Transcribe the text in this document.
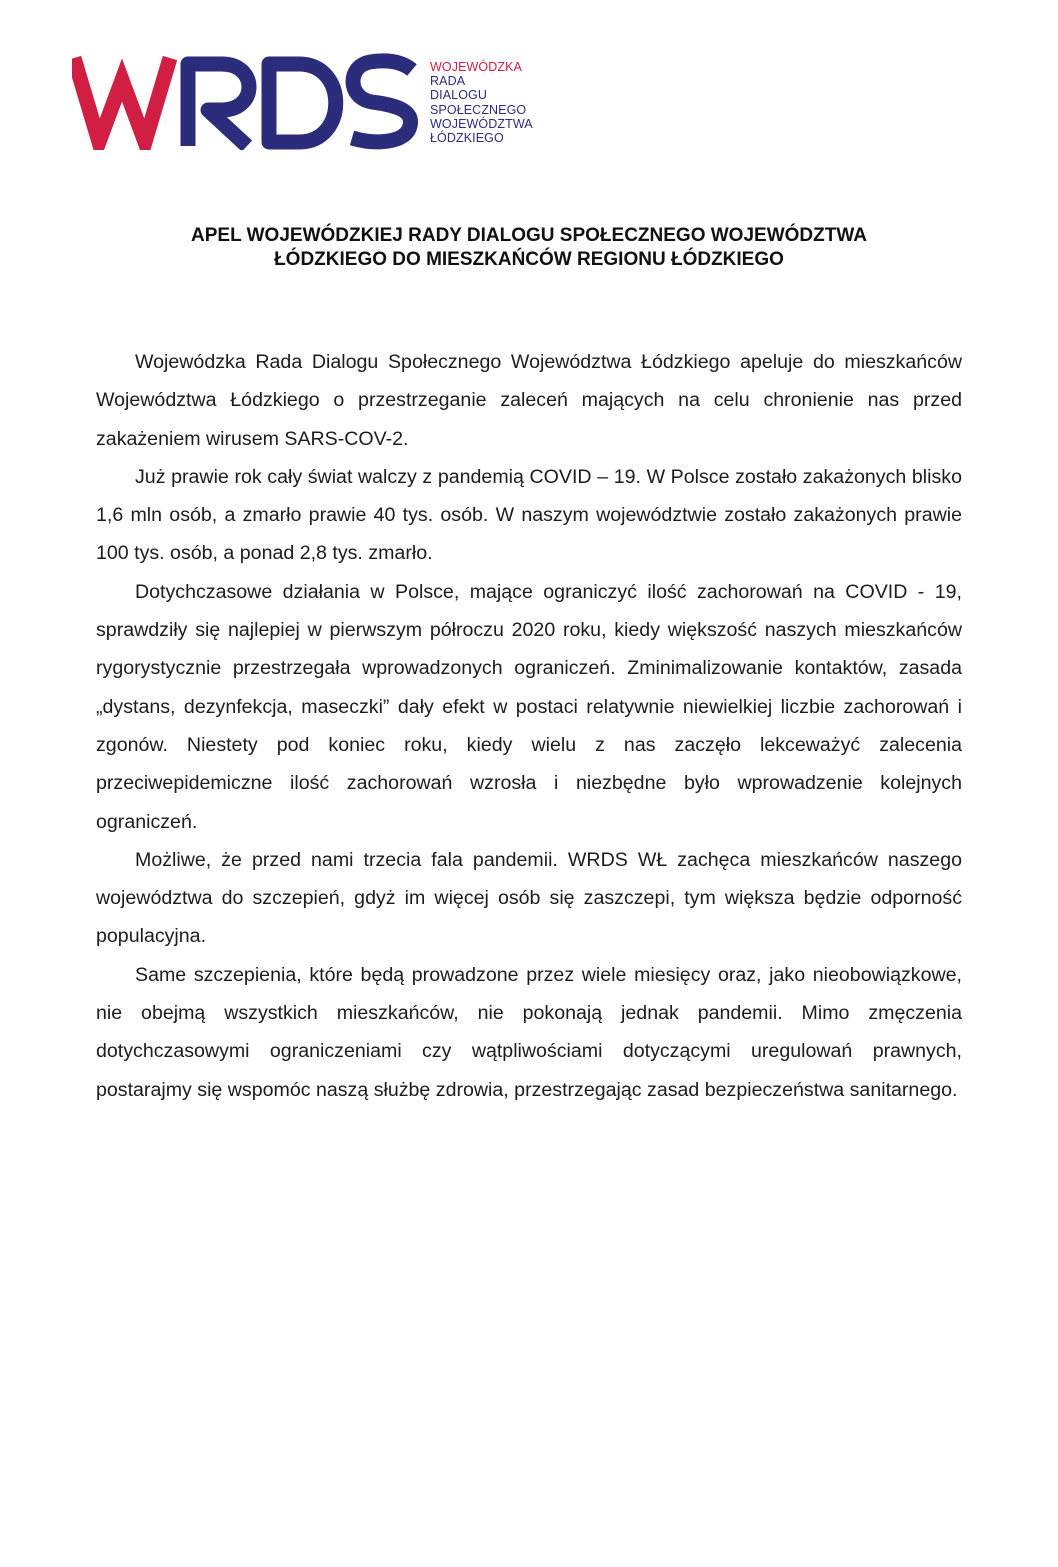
WOJEWÓDZKA
RADA
DIALOGU
SPOŁECZNEGO
WOJEWÓDZTWA
ŁÓDZKIEGO
APEL WOJEWÓDZKIEJ RADY DIALOGU SPOŁECZNEGO WOJEWÓDZTWA
ŁÓDZKIEGO DO MIESZKAŃCÓW REGIONU ŁÓDZKIEGO

Wojewódzka Rada Dialogu Społecznego Województwa Łódzkiego apeluje do mieszkańców Województwa Łódzkiego o przestrzeganie zaleceń mających na celu chronienie nas przed zakażeniem wirusem SARS-COV-2.

Już prawie rok cały świat walczy z pandemią COVID – 19. W Polsce zostało zakażonych blisko 1,6 mln osób, a zmarło prawie 40 tys. osób. W naszym województwie zostało zakażonych prawie 100 tys. osób, a ponad 2,8 tys. zmarło.

Dotychczasowe działania w Polsce, mające ograniczyć ilość zachorowań na COVID - 19, sprawdziły się najlepiej w pierwszym półroczu 2020 roku, kiedy większość naszych mieszkańców rygorystycznie przestrzegała wprowadzonych ograniczeń. Zminimalizowanie kontaktów, zasada „dystans, dezynfekcja, maseczki” dały efekt w postaci relatywnie niewielkiej liczbie zachorowań i zgonów. Niestety pod koniec roku, kiedy wielu z nas zaczęło lekceważyć zalecenia przeciwepidemiczne ilość zachorowań wzrosła i niezbędne było wprowadzenie kolejnych ograniczeń.

Możliwe, że przed nami trzecia fala pandemii. WRDS WŁ zachęca mieszkańców naszego województwa do szczepień, gdyż im więcej osób się zaszczepi, tym większa będzie odporność populacyjna.

Same szczepienia, które będą prowadzone przez wiele miesięcy oraz, jako nieobowiązkowe, nie obejmą wszystkich mieszkańców, nie pokonają jednak pandemii. Mimo zmęczenia dotychczasowymi ograniczeniami czy wątpliwościami dotyczącymi uregulowań prawnych, postarajmy się wspomóc naszą służbę zdrowia, przestrzegając zasad bezpieczeństwa sanitarnego.
